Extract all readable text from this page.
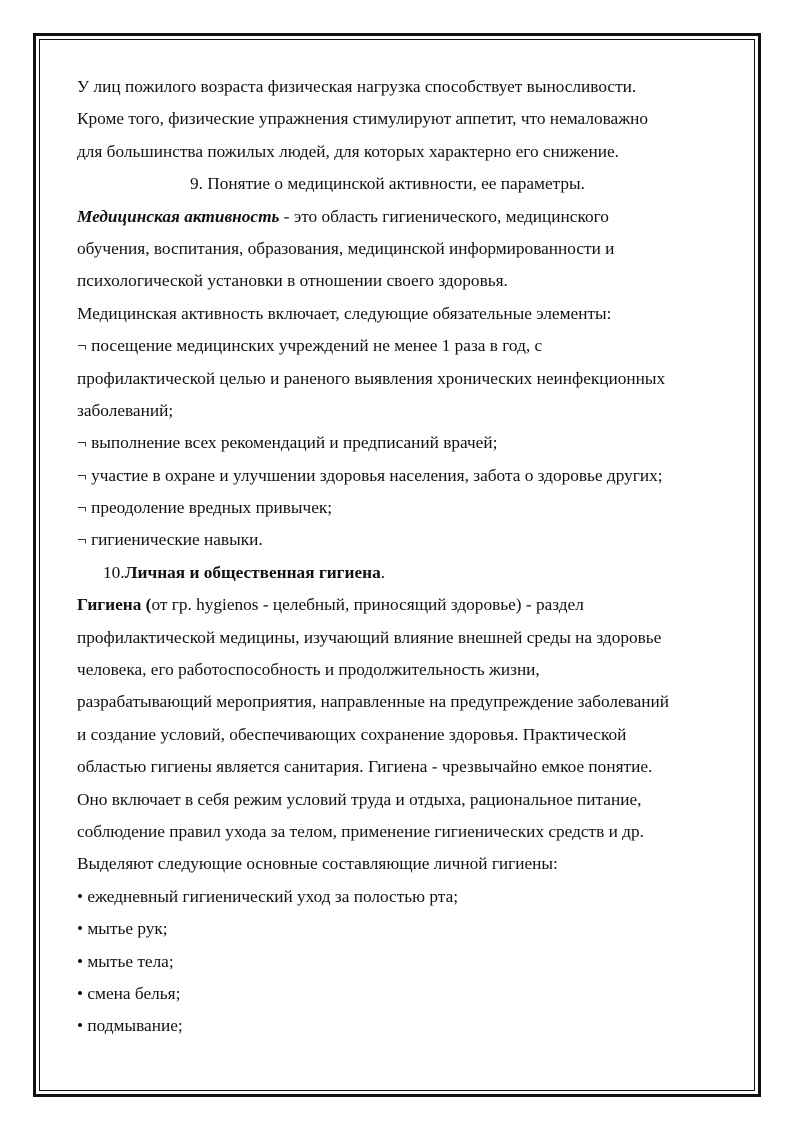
У лиц пожилого возраста физическая нагрузка способствует выносливости.
Кроме того, физические упражнения стимулируют аппетит, что немаловажно
для большинства пожилых людей, для которых характерно его снижение.
9. Понятие о медицинской активности, ее параметры.
Медицинская активность - это область гигиенического, медицинского
обучения, воспитания, образования, медицинской информированности и
психологической установки в отношении своего здоровья.
Медицинская активность включает, следующие обязательные элементы:
¬ посещение медицинских учреждений не менее 1 раза в год, с
профилактической целью и раненого выявления хронических неинфекционных
заболеваний;
¬ выполнение всех рекомендаций и предписаний врачей;
¬ участие в охране и улучшении здоровья населения, забота о здоровье других;
¬ преодоление вредных привычек;
¬ гигиенические навыки.
10.Личная и общественная гигиена.
Гигиена (от гр. hygienos - целебный, приносящий здоровье) - раздел
профилактической медицины, изучающий влияние внешней среды на здоровье
человека, его работоспособность и продолжительность жизни,
разрабатывающий мероприятия, направленные на предупреждение заболеваний
и создание условий, обеспечивающих сохранение здоровья. Практической
областью гигиены является санитария. Гигиена - чрезвычайно емкое понятие.
Оно включает в себя режим условий труда и отдыха, рациональное питание,
соблюдение правил ухода за телом, применение гигиенических средств и др.
Выделяют следующие основные составляющие личной гигиены:
• ежедневный гигиенический уход за полостью рта;
• мытье рук;
• мытье тела;
• смена белья;
• подмывание;
